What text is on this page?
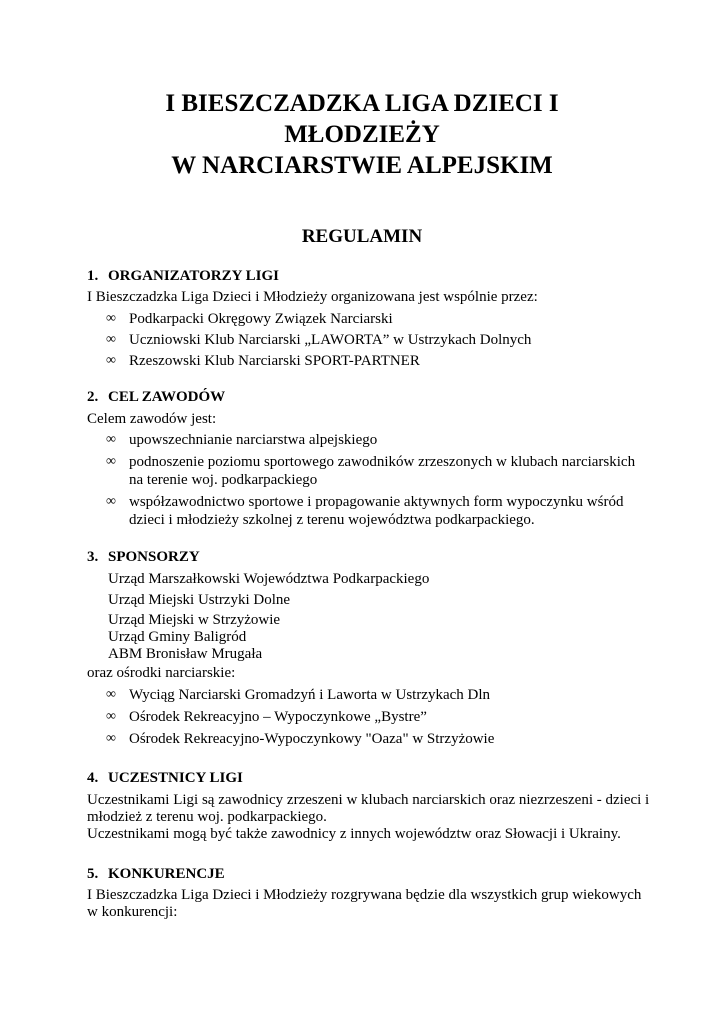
I BIESZCZADZKA LIGA DZIECI I
MŁODZIEŻY
W NARCIARSTWIE ALPEJSKIM
REGULAMIN
1. ORGANIZATORZY LIGI
I Bieszczadzka Liga Dzieci i Młodzieży organizowana jest wspólnie przez:
∞ Podkarpacki Okręgowy Związek Narciarski
∞ Uczniowski Klub Narciarski „LAWORTA” w Ustrzykach Dolnych
∞ Rzeszowski Klub Narciarski SPORT-PARTNER
2. CEL ZAWODÓW
Celem zawodów jest:
∞ upowszechnianie narciarstwa alpejskiego
∞ podnoszenie poziomu sportowego zawodników zrzeszonych w klubach narciarskich
na terenie woj. podkarpackiego
∞ współzawodnictwo sportowe i propagowanie aktywnych form wypoczynku wśród
dzieci i młodzieży szkolnej z terenu województwa podkarpackiego.
3. SPONSORZY
Urząd Marszałkowski Województwa Podkarpackiego
Urząd Miejski Ustrzyki Dolne
Urząd Miejski w Strzyżowie
Urząd Gminy Baligród
ABM Bronisław Mrugała
oraz ośrodki narciarskie:
∞ Wyciąg Narciarski Gromadzyń i Laworta w Ustrzykach Dln
∞ Ośrodek Rekreacyjno – Wypoczynkowe „Bystre”
∞ Ośrodek Rekreacyjno-Wypoczynkowy "Oaza" w Strzyżowie
4. UCZESTNICY LIGI
Uczestnikami Ligi są zawodnicy zrzeszeni w klubach narciarskich oraz niezrzeszeni - dzieci i
młodzież z terenu woj. podkarpackiego.
Uczestnikami mogą być także zawodnicy z innych województw oraz Słowacji i Ukrainy.
5. KONKURENCJE
I Bieszczadzka Liga Dzieci i Młodzieży rozgrywana będzie dla wszystkich grup wiekowych
w konkurencji:
